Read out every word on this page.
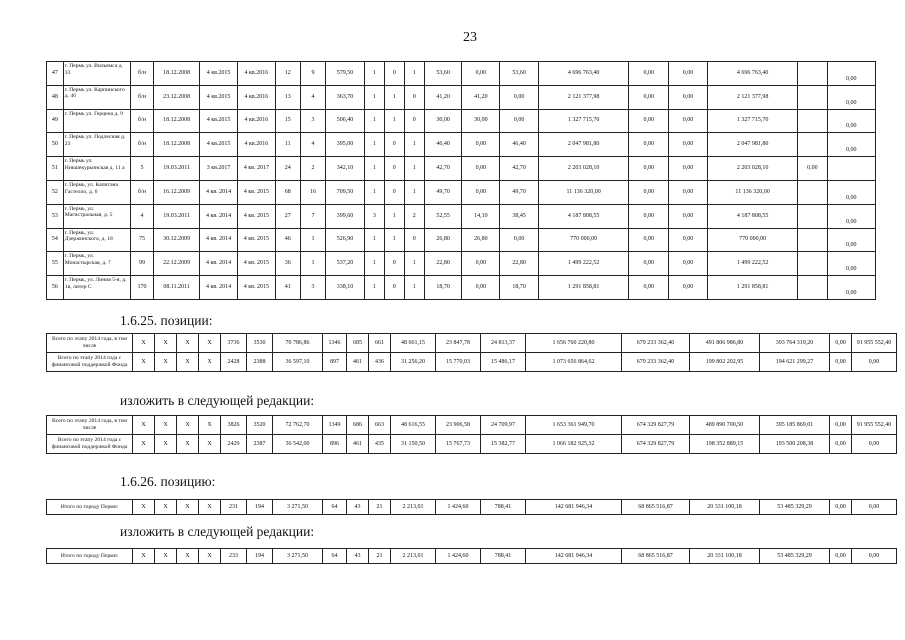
23
47	г. Пермь ул. Вильямса д. 33	б/н	18.12.2008	4 кв.2015	4 кв.2016	12	9	579,50	1	0	1	53,60	0,00	53,60	4 696 763,40	0,00	0,00	4 696 763,40		0,00
48	г. Пермь ул. Карпинского д. 46	б/н	23.12.2008	4 кв.2015	4 кв.2016	13	4	363,70	1	1	0	41,20	41,20	0,00	2 121 377,98	0,00	0,00	2 121 377,98		0,00
49	г. Пермь ул. Герцена д. 9	б/н	18.12.2008	4 кв.2015	4 кв.2016	15	3	506,40	1	1	0	30,00	30,00	0,00	1 327 715,70	0,00	0,00	1 327 715,70		0,00
50	г. Пермь ул. Подлесная д. 23	б/н	18.12.2008	4 кв.2015	4 кв.2016	11	4	395,00	1	0	1	46,40	0,00	46,40	2 047 981,80	0,00	0,00	2 047 981,80		0,00
51	г. Пермь ул. Никшекурьинская д. 11 а	5	19.03.2011	3 кв.2017	4 кв. 2017	24	2	342,10	1	0	1	42,70	0,00	42,70	2 203 028,10	0,00	0,00	2 203 028,10	0,00	
52	г. Пермь, ул. Капитана Гастелло, д. 6	б/н	16.12.2009	4 кв. 2014	4 кв. 2015	68	16	709,50	1	0	1	49,70	0,00	49,70	11 136 320,00	0,00	0,00	11 136 320,00		0,00
53	г. Пермь, ул. Магистральная, д. 5	4	19.03.2011	4 кв. 2014	4 кв. 2015	27	7	399,60	3	1	2	52,55	14,10	38,45	4 187 808,55	0,00	0,00	4 187 808,55		0,00
54	г. Пермь, ул. Дзержинского, д. 18	75	30.12.2009	4 кв. 2014	4 кв. 2015	46	1	526,90	1	1	0	26,80	26,80	0,00	770 000,00	0,00	0,00	770 000,00		0,00
55	г. Пермь, ул. Монастырская, д. 7	99	22.12.2009	4 кв. 2014	4 кв. 2015	36	1	537,20	1	0	1	22,80	0,00	22,80	1 499 222,52	0,00	0,00	1 499 222,52		0,00
56	г. Пермь, ул. Линия 5-я, д. 1в, литер С	170	08.11.2011	4 кв. 2014	4 кв. 2015	41	3	338,10	1	0	1	18,70	0,00	18,70	1 291 858,81	0,00	0,00	1 291 858,81		0,00
1.6.25. позиции:
Всего по этапу 2014 года, в том числе	X	X	X	X	3736	3530	70 786,86	1346	685	661	48 661,15	23 847,78	24 813,37	1 656 760 220,80	679 233 362,40	491 806 986,80	393 764 319,20	0,00	91 955 552,40
Всего по этапу 2014 года с финансовой поддержкой Фонда	X	X	X	X	2428	2388	36 597,10	897	461	436	31 256,20	15 770,03	15 486,17	1 073 656 864,62	679 233 362,40	199 802 202,95	194 621 299,27	0,00	0,00
изложить в следующей редакции:
Всего по этапу 2014 года, в том числе	X	X	X	X	3826	3520	72 762,70	1349	686	663	48 616,55	23 906,58	24 709,97	1 653 361 949,70	674 329 827,79	489 890 700,50	395 185 869,01	0,00	91 955 552,40
Всего по этапу 2014 года с финансовой поддержкой Фонда	X	X	X	X	2429	2387	36 542,00	896	461	435	31 150,50	15 767,73	15 382,77	1 066 182 925,32	674 329 827,79	198 352 889,15	193 500 208,38	0,00	0,00
1.6.26. позицию:
Итого по городу Перми:	X	X	X	X	231	194	3 271,50	64	43	21	2 213,01	1 424,60	788,41	142 681 946,34	68 865 516,87	20 331 100,18	53 485 329,29	0,00	0,00
изложить в следующей редакции:
Итого по городу Перми:	X	X	X	X	233	194	3 271,50	64	43	21	2 213,01	1 424,60	788,41	142 681 946,34	68 865 516,87	20 331 100,18	53 485 329,29	0,00	0,00
